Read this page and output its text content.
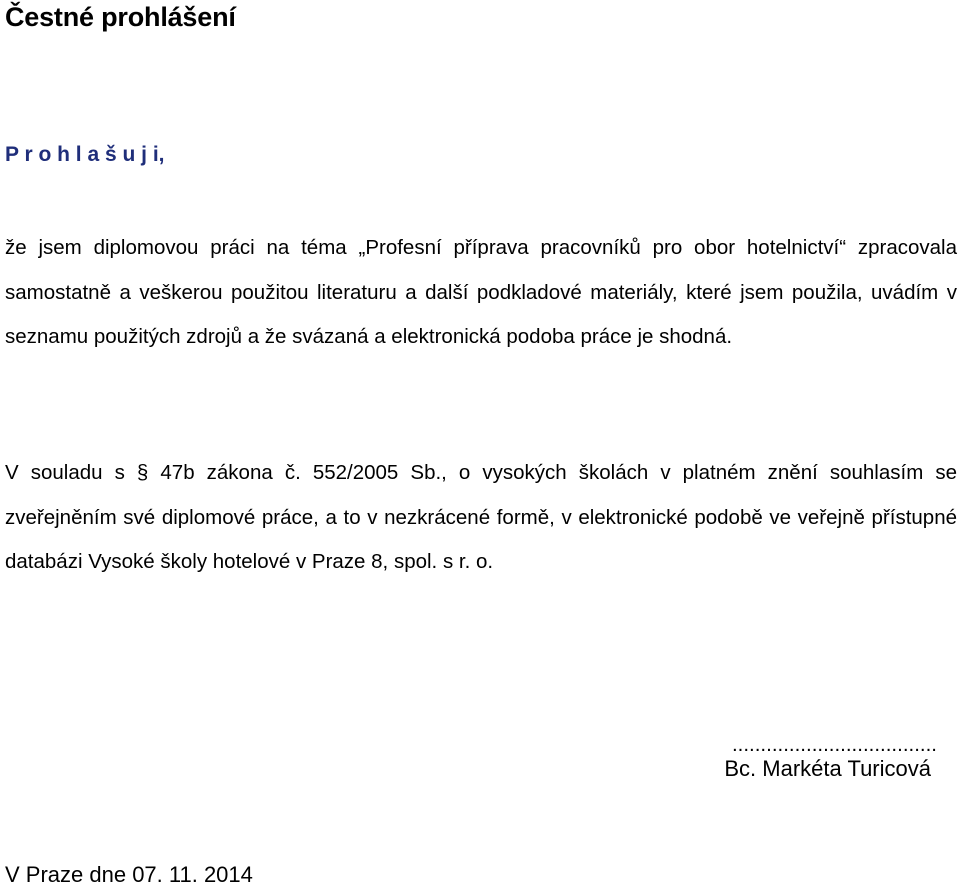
Čestné prohlášení
P r o h l a š u j i,

že jsem diplomovou práci na téma „Profesní příprava pracovníků pro obor hotelnictví“ zpracovala samostatně a veškerou použitou literaturu a další podkladové materiály, které jsem použila, uvádím v seznamu použitých zdrojů a že svázaná a elektronická podoba práce je shodná.

V souladu s § 47b zákona č. 552/2005 Sb., o vysokých školách v platném znění souhlasím se zveřejněním své diplomové práce, a to v nezkrácené formě, v elektronické podobě ve veřejně přístupné databázi Vysoké školy hotelové v Praze 8, spol. s r. o.

....................................
Bc. Markéta Turicová
V Praze dne 07. 11. 2014
